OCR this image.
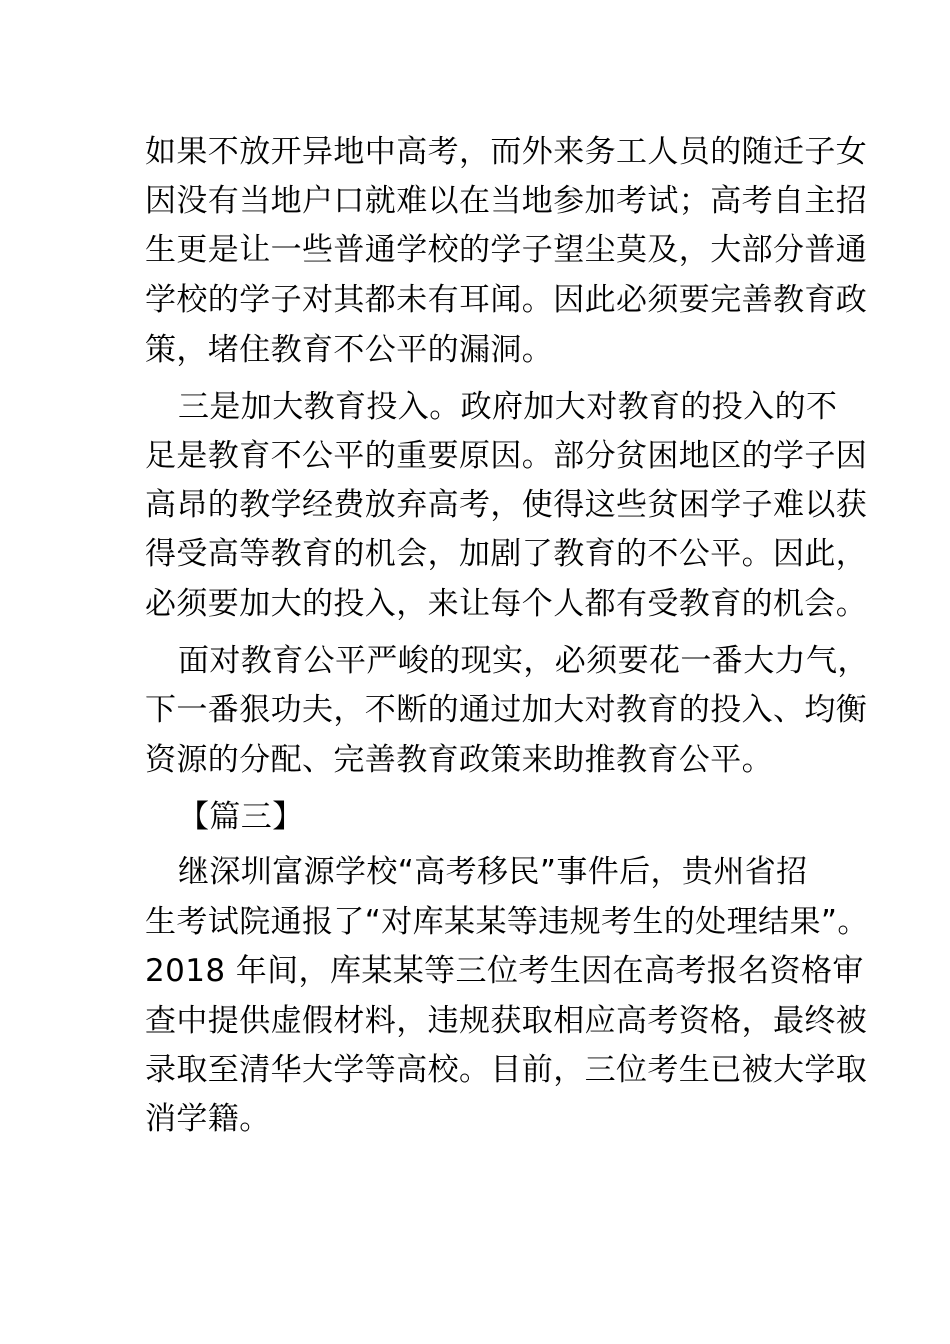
如果不放开异地中高考，而外来务工人员的随迁子女
因没有当地户口就难以在当地参加考试；高考自主招
生更是让一些普通学校的学子望尘莫及，大部分普通
学校的学子对其都未有耳闻。因此必须要完善教育政
策，堵住教育不公平的漏洞。
三是加大教育投入。政府加大对教育的投入的不
足是教育不公平的重要原因。部分贫困地区的学子因
高昂的教学经费放弃高考，使得这些贫困学子难以获
得受高等教育的机会，加剧了教育的不公平。因此，
必须要加大的投入，来让每个人都有受教育的机会。
面对教育公平严峻的现实，必须要花一番大力气，
下一番狠功夫，不断的通过加大对教育的投入、均衡
资源的分配、完善教育政策来助推教育公平。
【篇三】
继深圳富源学校“高考移民”事件后，贵州省招
生考试院通报了“对库某某等违规考生的处理结果”。
2018 年间，库某某等三位考生因在高考报名资格审
查中提供虚假材料，违规获取相应高考资格，最终被
录取至清华大学等高校。目前，三位考生已被大学取
消学籍。
